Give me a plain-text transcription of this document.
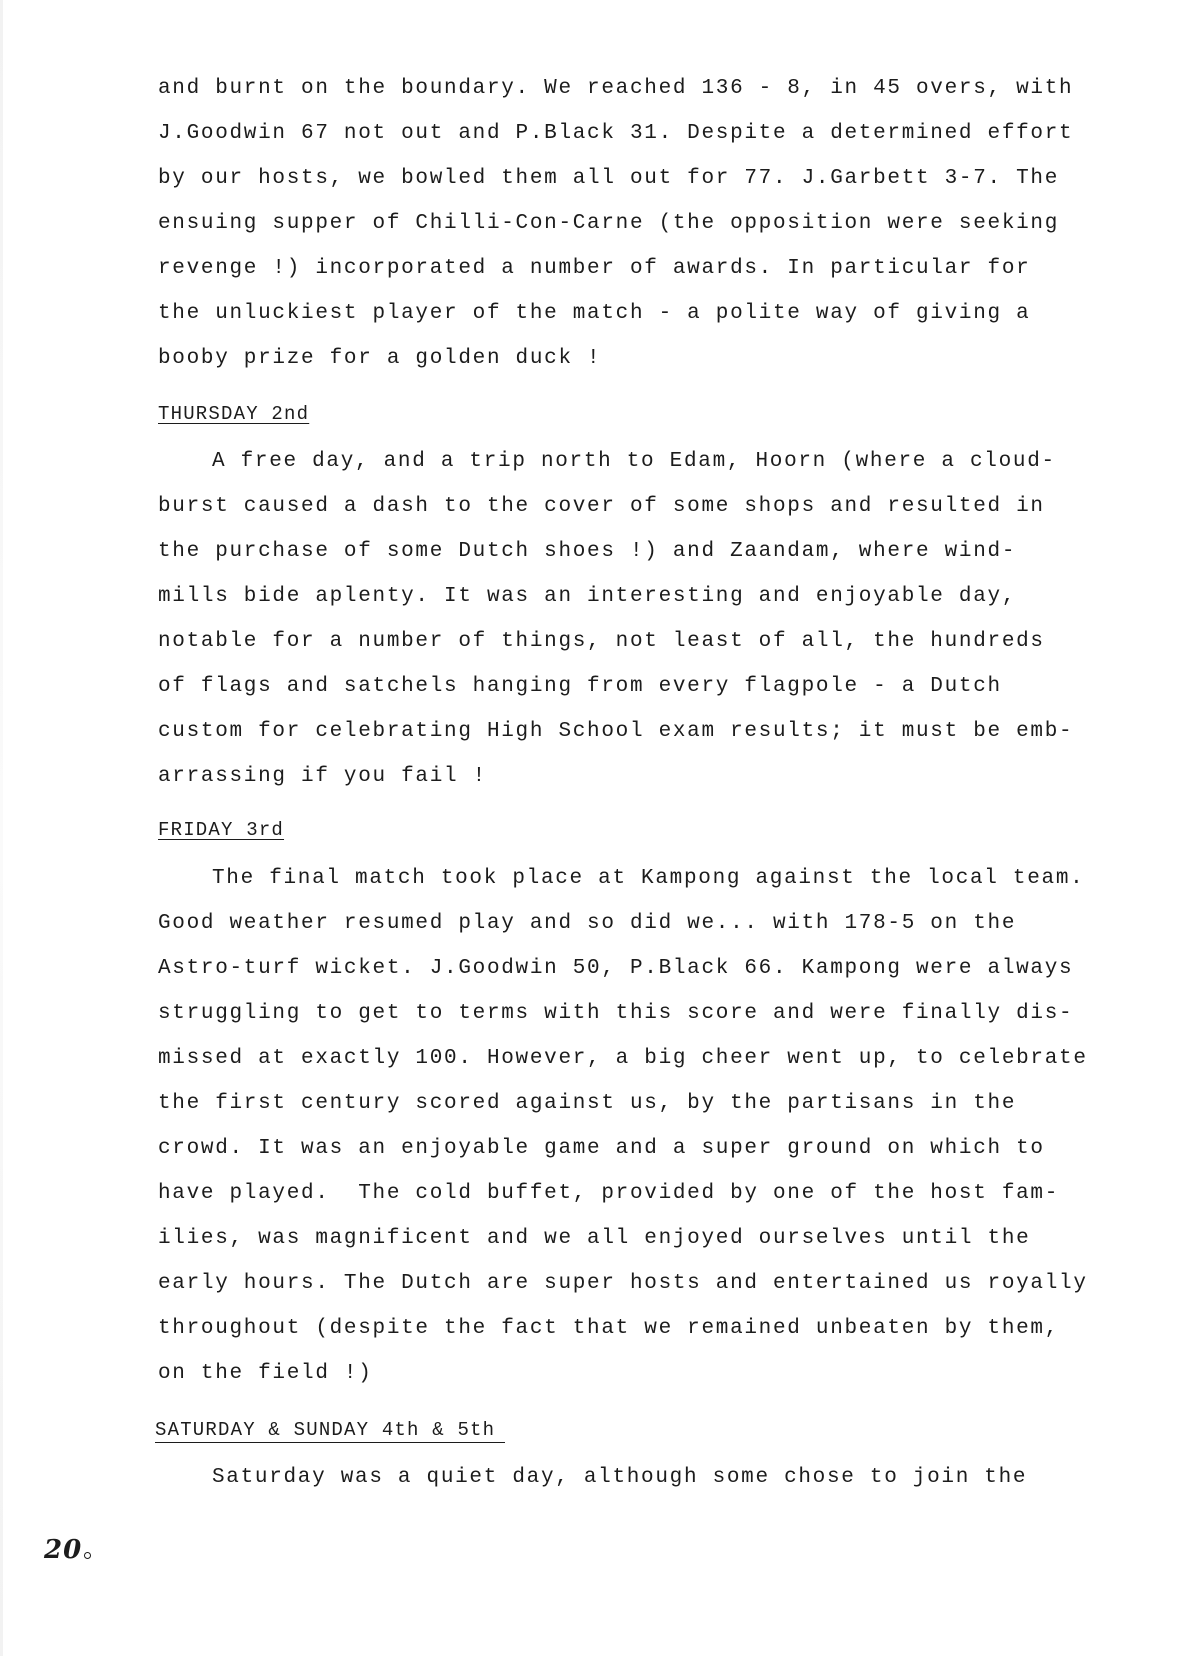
and burnt on the boundary. We reached 136 - 8, in 45 overs, with
J.Goodwin 67 not out and P.Black 31. Despite a determined effort
by our hosts, we bowled them all out for 77. J.Garbett 3-7. The
ensuing supper of Chilli-Con-Carne (the opposition were seeking
revenge !) incorporated a number of awards. In particular for
the unluckiest player of the match - a polite way of giving a
booby prize for a golden duck !
THURSDAY 2nd
A free day, and a trip north to Edam, Hoorn (where a cloud-
burst caused a dash to the cover of some shops and resulted in
the purchase of some Dutch shoes !) and Zaandam, where wind-
mills bide aplenty. It was an interesting and enjoyable day,
notable for a number of things, not least of all, the hundreds
of flags and satchels hanging from every flagpole - a Dutch
custom for celebrating High School exam results; it must be emb-
arrassing if you fail !
FRIDAY 3rd
The final match took place at Kampong against the local team.
Good weather resumed play and so did we... with 178-5 on the
Astro-turf wicket. J.Goodwin 50, P.Black 66. Kampong were always
struggling to get to terms with this score and were finally dis-
missed at exactly 100. However, a big cheer went up, to celebrate
the first century scored against us, by the partisans in the
crowd. It was an enjoyable game and a super ground on which to
have played.  The cold buffet, provided by one of the host fam-
ilies, was magnificent and we all enjoyed ourselves until the
early hours. The Dutch are super hosts and entertained us royally
throughout (despite the fact that we remained unbeaten by them,
on the field !)
SATURDAY & SUNDAY 4th & 5th
Saturday was a quiet day, although some chose to join the
20
